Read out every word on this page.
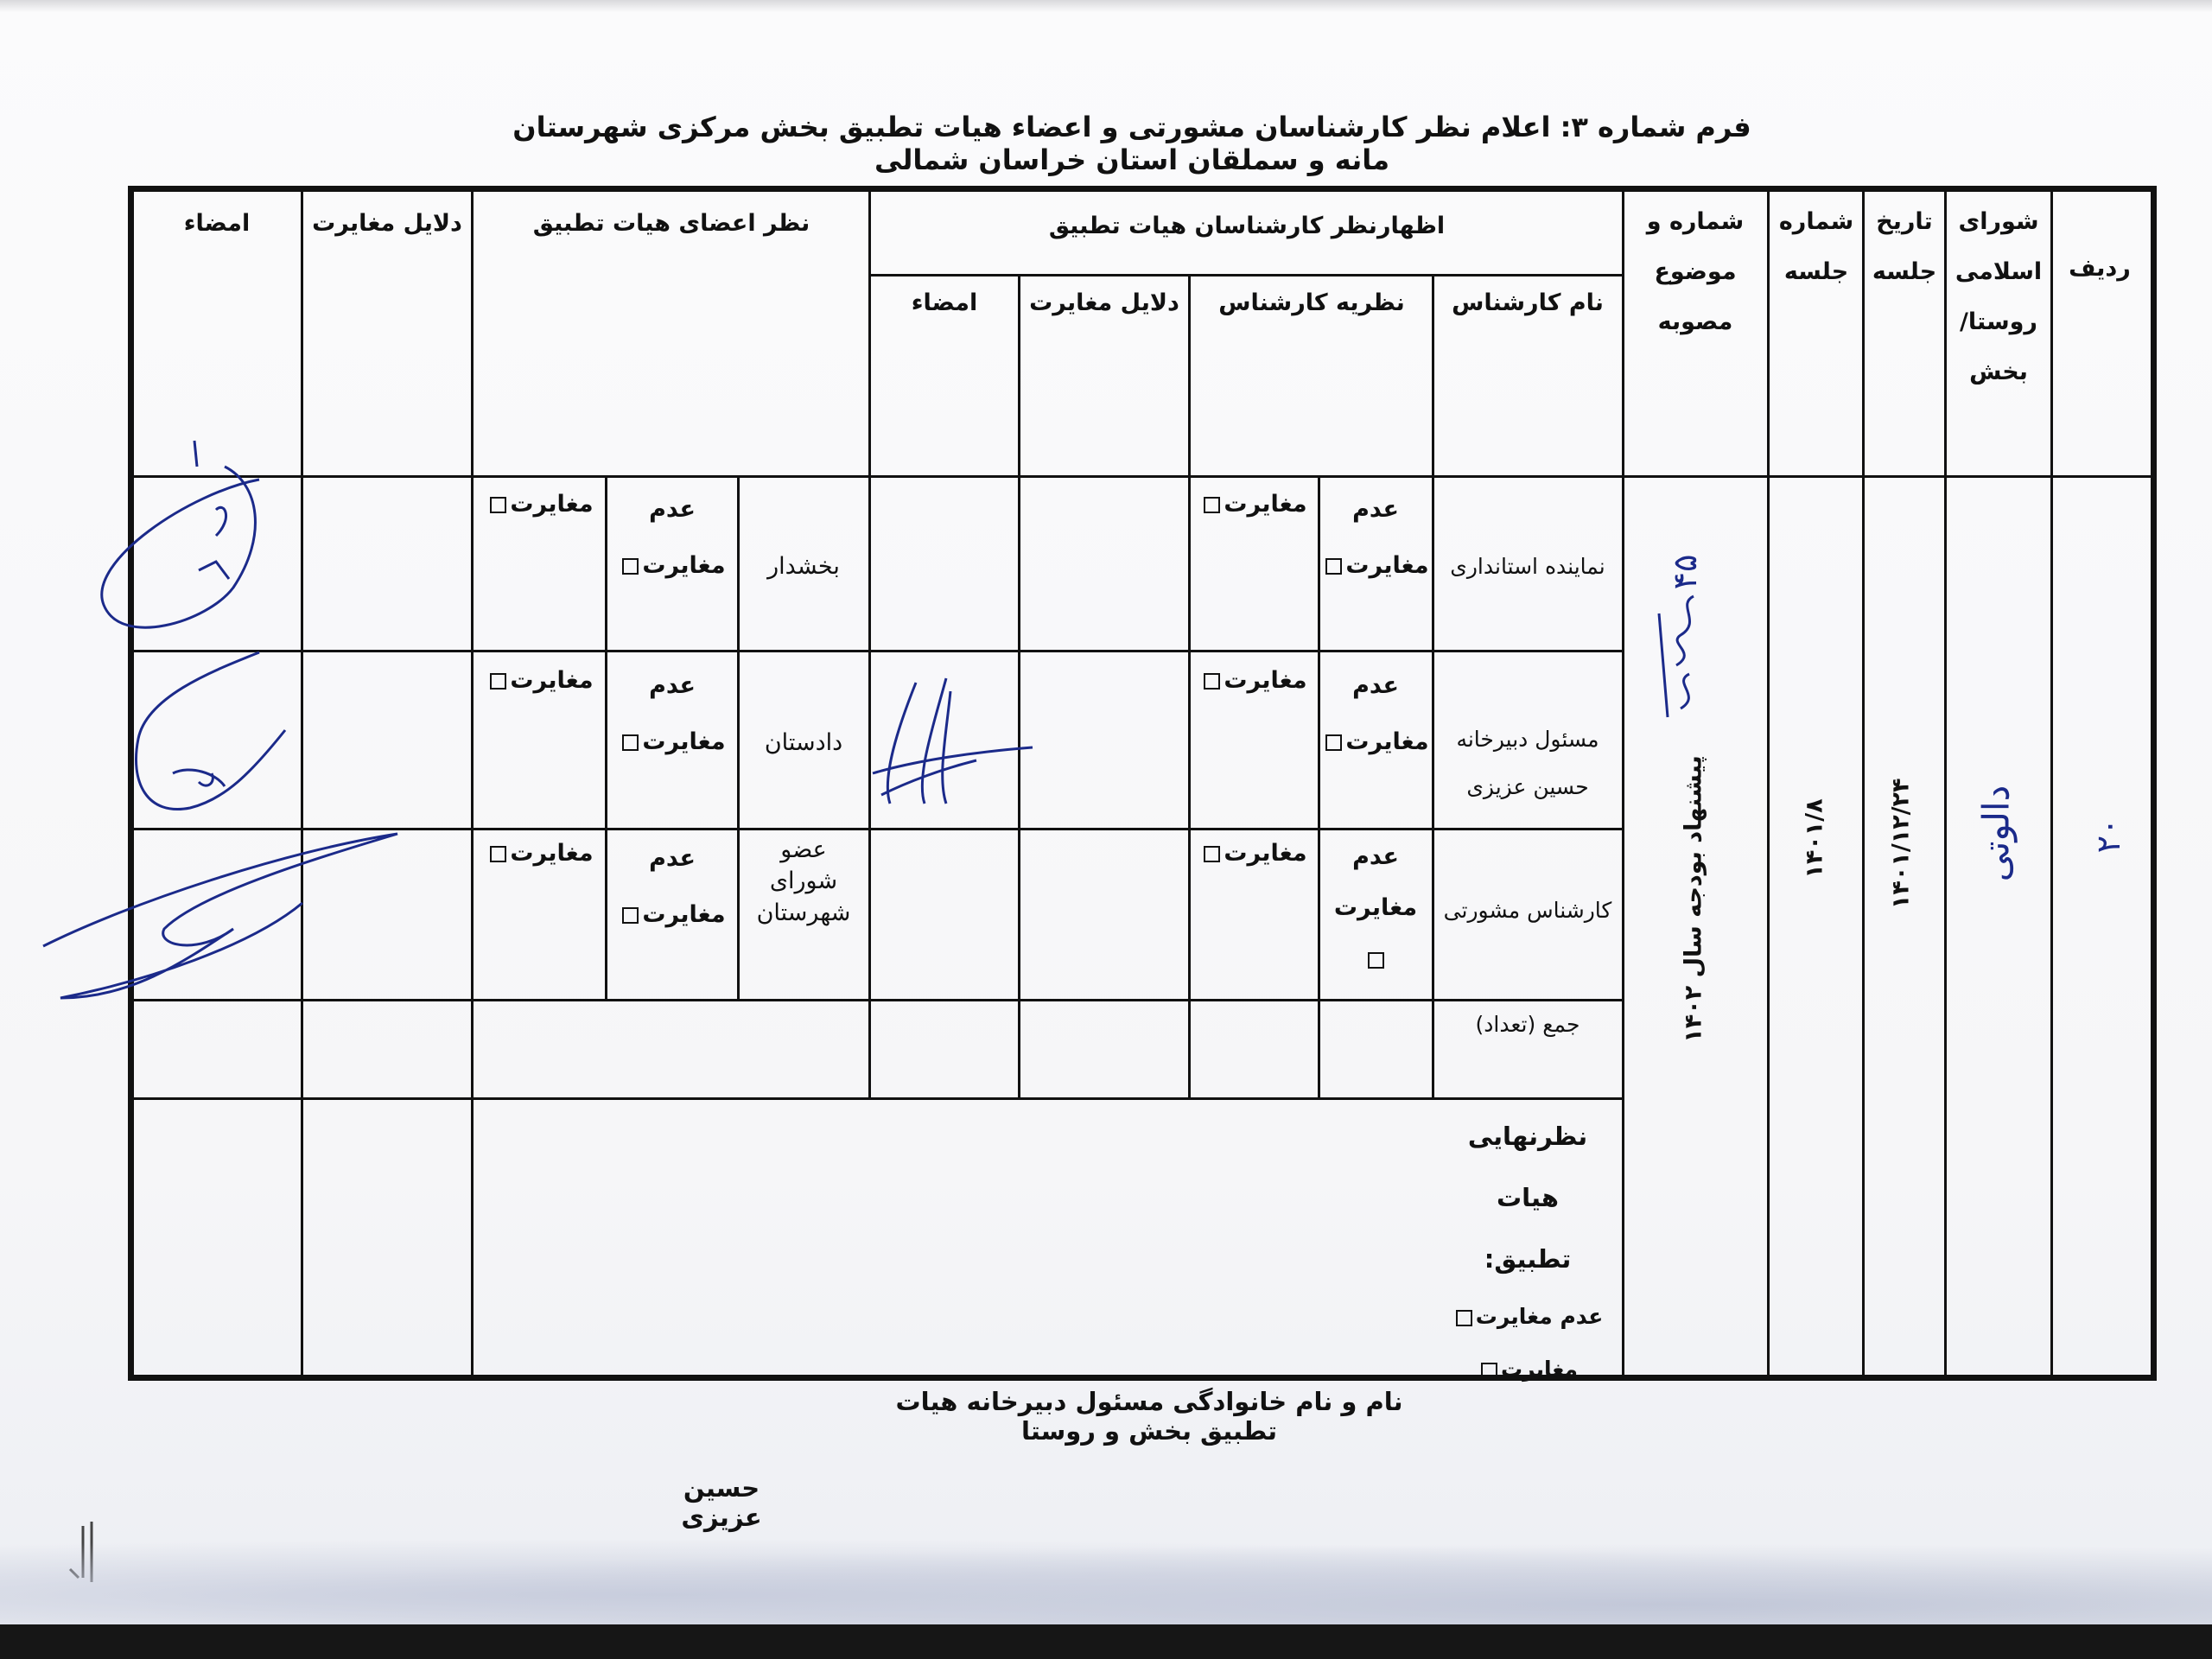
فرم شماره ۳: اعلام نظر کارشناسان مشورتی و اعضاء هیات تطبیق بخش مرکزی شهرستان مانه و سملقان استان خراسان شمالی
ردیف
شورای
اسلامی
روستا/
بخش
تاریخ
جلسه
شماره
جلسه
شماره و
موضوع
مصوبه
اظهارنظر کارشناسان هیات تطبیق
نام کارشناس
نظریه کارشناس
دلایل مغایرت
امضاء
نظر اعضای هیات تطبیق
دلایل مغایرت
امضاء
نماینده استانداری
مسئول دبیرخانه
حسین عزیزی
کارشناس مشورتی
جمع (تعداد)
عدم
مغایرت
عدم
مغایرت
عدم
مغایرت
مغایرت
مغایرت
مغایرت
بخشدار
دادستان
عضو
شورای
شهرستان
عدم
مغایرت
عدم
مغایرت
عدم
مغایرت
مغایرت
مغایرت
مغایرت
نظرنهایی هیات
تطبیق:
عدم مغایرت
مغایرت
پیشنهاد بودجه سال ۱۴۰۲	۱۴۰۱/۸	۱۴۰۱/۱۲/۲۴ دالوتی ۲۰
۴۵
نام و نام خانوادگی مسئول دبیرخانه هیات تطبیق بخش و روستا
حسین عزیزی
